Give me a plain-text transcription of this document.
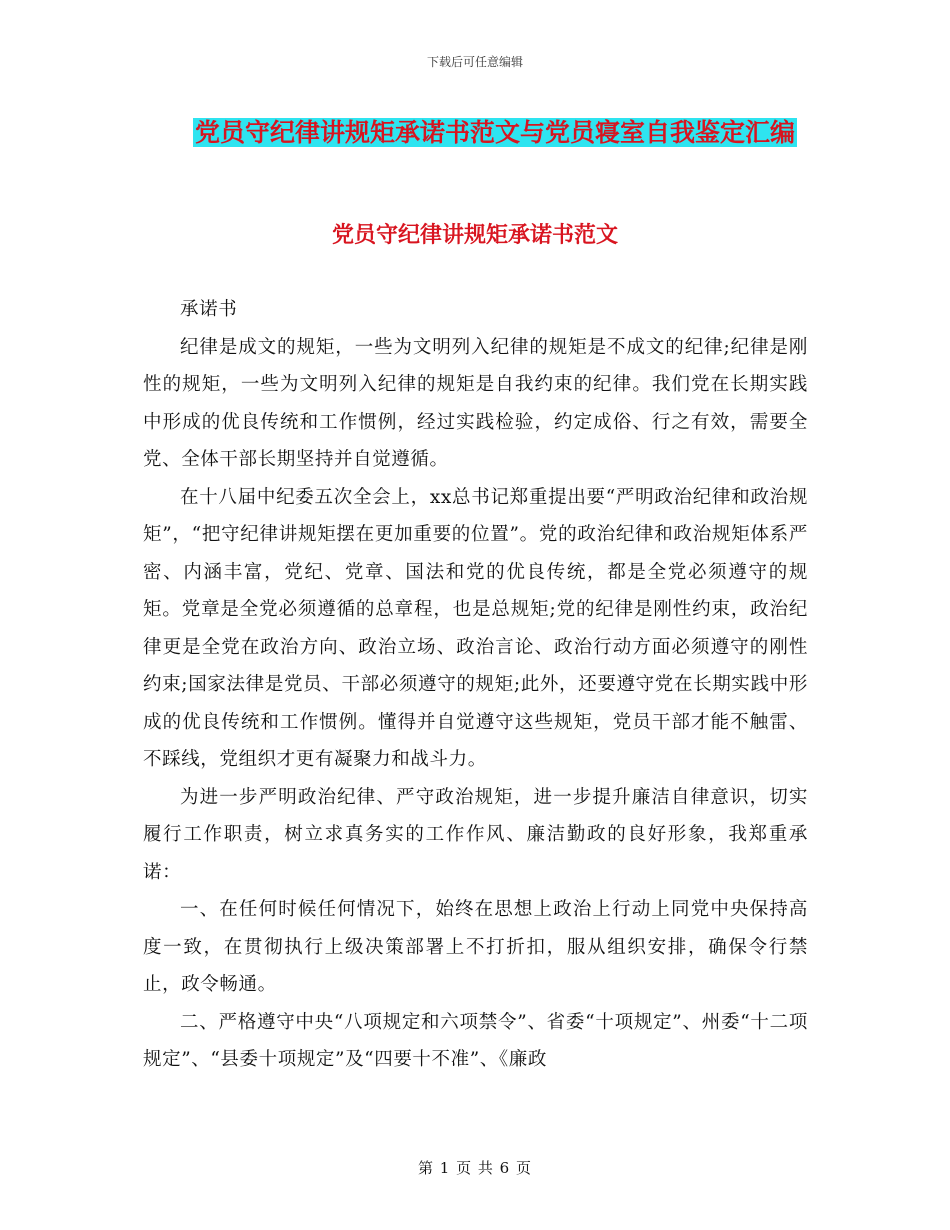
下载后可任意编辑
党员守纪律讲规矩承诺书范文与党员寝室自我鉴定汇编
党员守纪律讲规矩承诺书范文

承诺书

纪律是成文的规矩，一些为文明列入纪律的规矩是不成文的纪律;纪律是刚性的规矩，一些为文明列入纪律的规矩是自我约束的纪律。我们党在长期实践中形成的优良传统和工作惯例，经过实践检验，约定成俗、行之有效，需要全党、全体干部长期坚持并自觉遵循。

在十八届中纪委五次全会上，xx总书记郑重提出要“严明政治纪律和政治规矩”，“把守纪律讲规矩摆在更加重要的位置”。党的政治纪律和政治规矩体系严密、内涵丰富，党纪、党章、国法和党的优良传统，都是全党必须遵守的规矩。党章是全党必须遵循的总章程，也是总规矩;党的纪律是刚性约束，政治纪律更是全党在政治方向、政治立场、政治言论、政治行动方面必须遵守的刚性约束;国家法律是党员、干部必须遵守的规矩;此外，还要遵守党在长期实践中形成的优良传统和工作惯例。懂得并自觉遵守这些规矩，党员干部才能不触雷、不踩线，党组织才更有凝聚力和战斗力。

为进一步严明政治纪律、严守政治规矩，进一步提升廉洁自律意识，切实履行工作职责，树立求真务实的工作作风、廉洁勤政的良好形象，我郑重承诺：

一、在任何时候任何情况下，始终在思想上政治上行动上同党中央保持高度一致，在贯彻执行上级决策部署上不打折扣，服从组织安排，确保令行禁止，政令畅通。

二、严格遵守中央“八项规定和六项禁令”、省委“十项规定”、州委“十二项规定”、“县委十项规定”及“四要十不准”、《廉政

第 1 页 共 6 页
